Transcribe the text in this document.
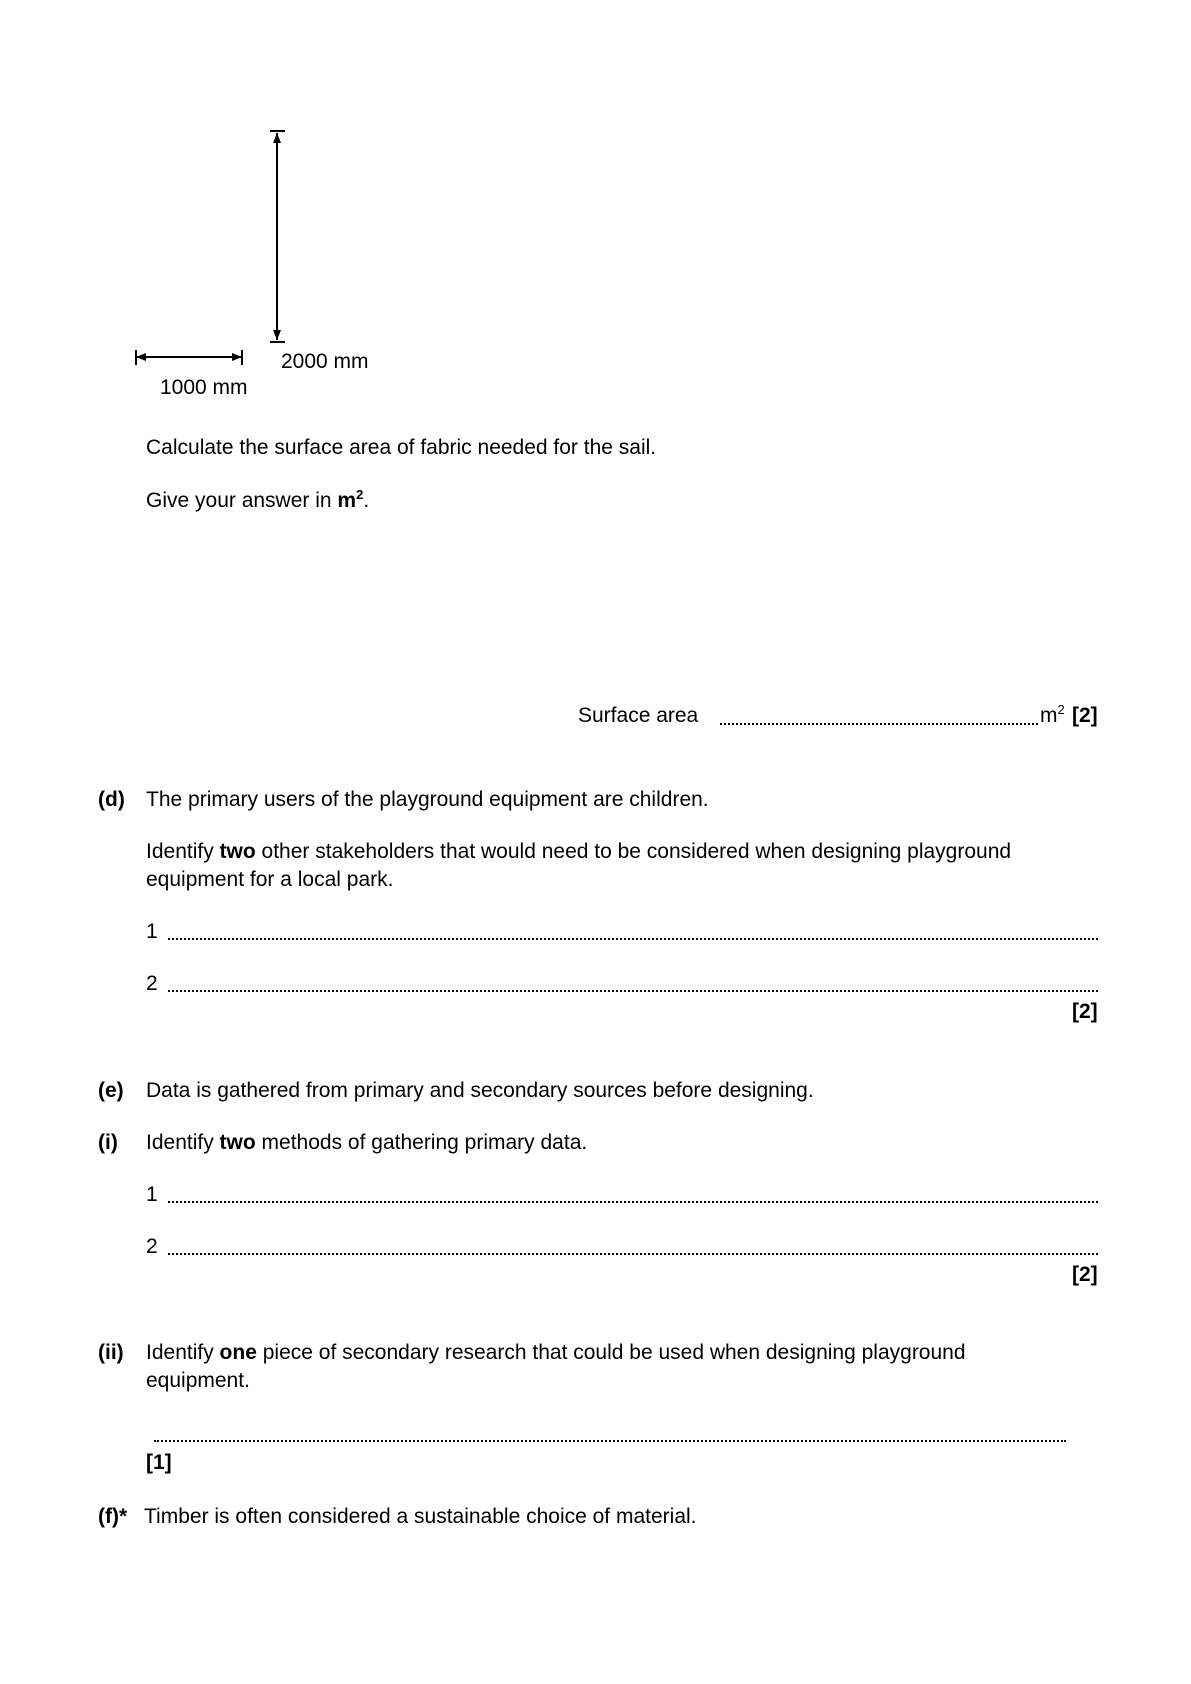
2000 mm
1000 mm
Calculate the surface area of fabric needed for the sail.
Give your answer in $m^2$.
Surface area	$m^2$ [2]
(d) The primary users of the playground equipment are children.
Identify two other stakeholders that would need to be considered when designing playground
equipment for a local park.
1
2
[2]
(e) Data is gathered from primary and secondary sources before designing.
(i) Identify two methods of gathering primary data.
1
2
[2]
(ii) Identify one piece of secondary research that could be used when designing playground
equipment.
[1]
(f)* Timber is often considered a sustainable choice of material.
